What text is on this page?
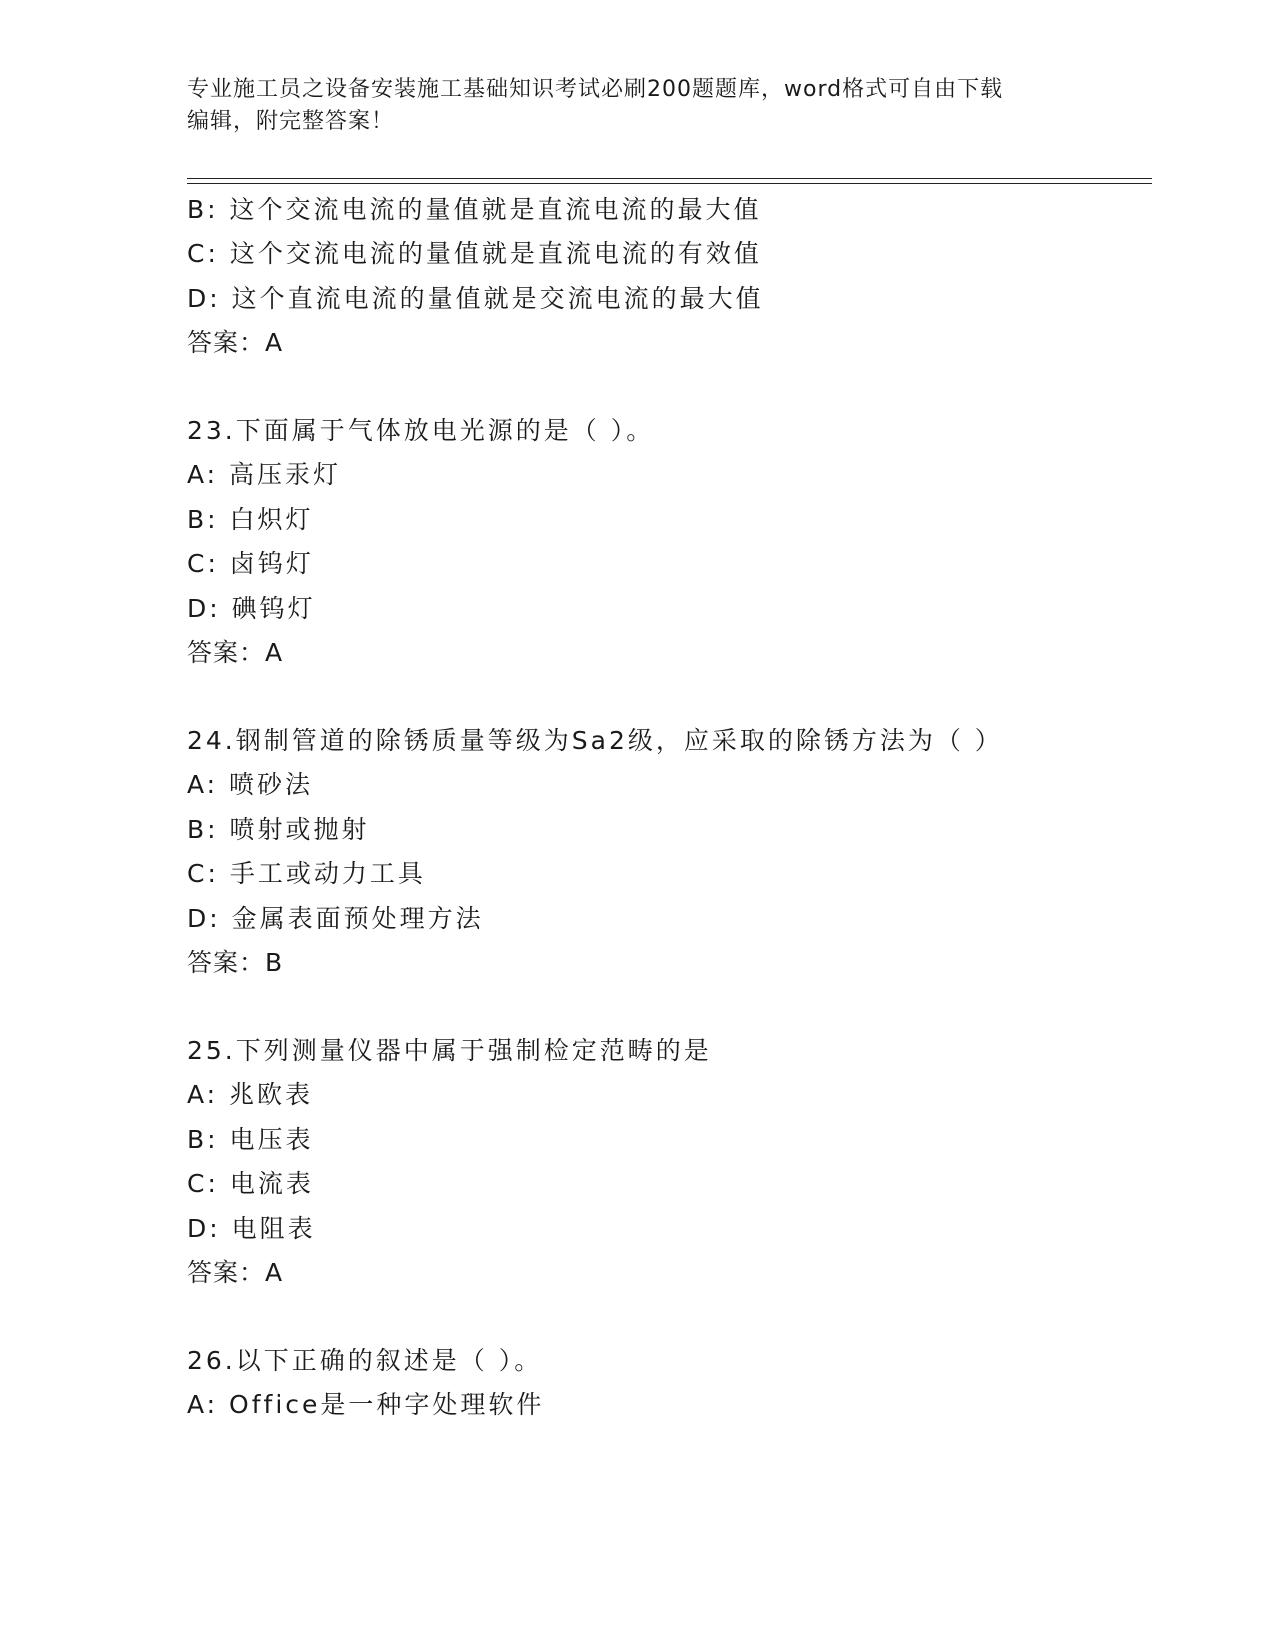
专业施工员之设备安装施工基础知识考试必刷200题题库，word格式可自由下载
编辑，附完整答案！
B: 这个交流电流的量值就是直流电流的最大值
C: 这个交流电流的量值就是直流电流的有效值
D: 这个直流电流的量值就是交流电流的最大值
答案：A
23.下面属于气体放电光源的是（ ）。
A: 高压汞灯
B: 白炽灯
C: 卤钨灯
D: 碘钨灯
答案：A
24.钢制管道的除锈质量等级为Sa2级，应采取的除锈方法为（ ）
A: 喷砂法
B: 喷射或抛射
C: 手工或动力工具
D: 金属表面预处理方法
答案：B
25.下列测量仪器中属于强制检定范畴的是
A: 兆欧表
B: 电压表
C: 电流表
D: 电阻表
答案：A
26.以下正确的叙述是（ ）。
A: Office是一种字处理软件
